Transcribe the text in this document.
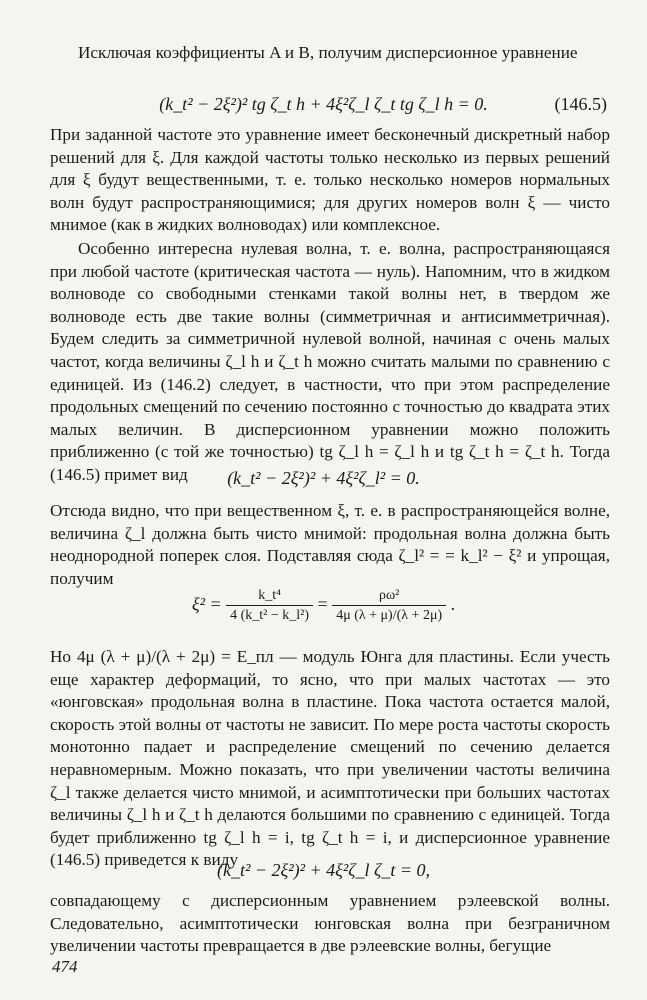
Исключая коэффициенты A и B, получим дисперсионное уравнение

(k_t² − 2ξ²)² tg ζ_t h + 4ξ²ζ_l ζ_t tg ζ_l h = 0.	(146.5)

При заданной частоте это уравнение имеет бесконечный дискретный набор решений для ξ. Для каждой частоты только несколько из первых решений для ξ будут вещественными, т. е. только несколько номеров нормальных волн будут распространяющимися; для других номеров волн ξ — чисто мнимое (как в жидких волноводах) или комплексное.

Особенно интересна нулевая волна, т. е. волна, распространяющаяся при любой частоте (критическая частота — нуль). Напомним, что в жидком волноводе со свободными стенками такой волны нет, в твердом же волноводе есть две такие волны (симметричная и антисимметричная). Будем следить за симметричной нулевой волной, начиная с очень малых частот, когда величины ζ_l h и ζ_t h можно считать малыми по сравнению с единицей. Из (146.2) следует, в частности, что при этом распределение продольных смещений по сечению постоянно с точностью до квадрата этих малых величин. В дисперсионном уравнении можно положить приближенно (с той же точностью) tg ζ_l h = ζ_l h и tg ζ_t h = ζ_t h. Тогда (146.5) примет вид	(k_t² − 2ξ²)² + 4ξ²ζ_l² = 0.

Отсюда видно, что при вещественном ξ, т. е. в распространяющейся волне, величина ζ_l должна быть чисто мнимой: продольная волна должна быть неоднородной поперек слоя. Подставляя сюда ζ_l² = = k_l² − ξ² и упрощая, получим

$\xi^2 = \frac{\text{k\_t⁴}}{\text{4 (k\_t² − k\_l²)}} = \frac{\text{ρω²}}{4\mu (\lambda + \mu)/(\lambda + 2\mu)}$ .

Но 4μ (λ + μ)/(λ + 2μ) = E_пл — модуль Юнга для пластины. Если учесть еще характер деформаций, то ясно, что при малых частотах — это «юнговская» продольная волна в пластине. Пока частота остается малой, скорость этой волны от частоты не зависит. По мере роста частоты скорость монотонно падает и распределение смещений по сечению делается неравномерным. Можно показать, что при увеличении частоты величина ζ_l также делается чисто мнимой, и асимптотически при больших частотах величины ζ_l h и ζ_t h делаются большими по сравнению с единицей. Тогда будет приближенно tg ζ_l h = i, tg ζ_t h = i, и дисперсионное уравнение (146.5) приведется к виду

(k_t² − 2ξ²)² + 4ξ²ζ_l ζ_t = 0,

совпадающему с дисперсионным уравнением рэлеевской волны. Следовательно, асимптотически юнговская волна при безграничном увеличении частоты превращается в две рэлеевские волны, бегущие

474
